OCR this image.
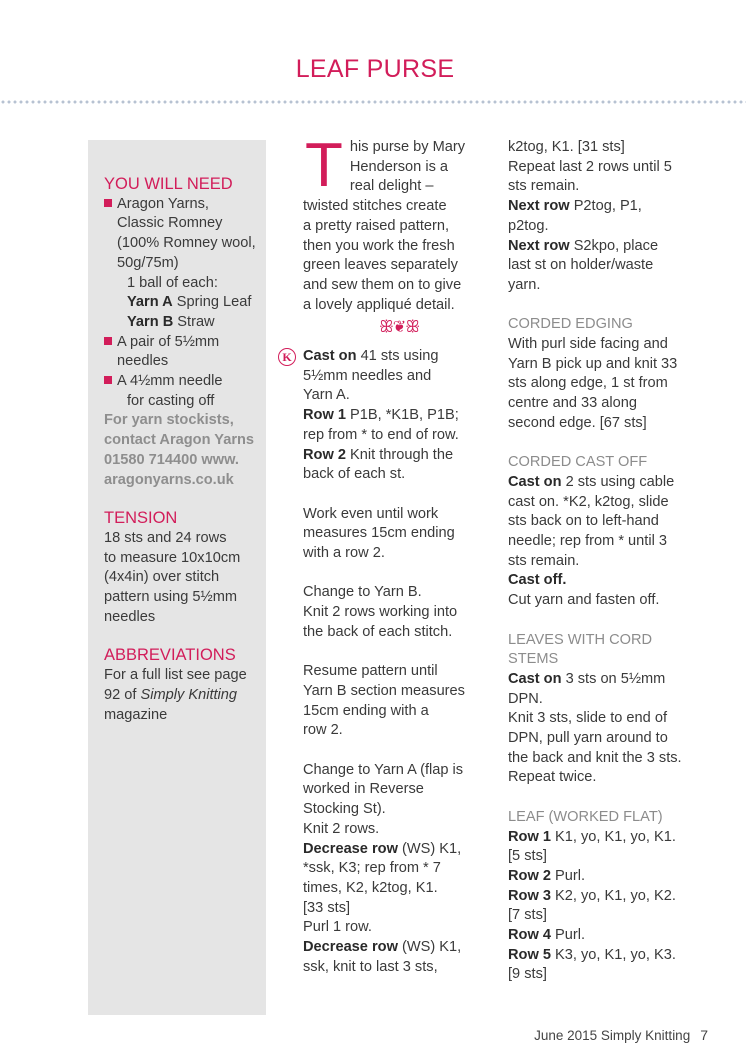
LEAF PURSE

YOU WILL NEED

Aragon Yarns,

Classic Romney

(100% Romney wool,

50g/75m)

1 ball of each:

Yarn A Spring Leaf

Yarn B Straw

A pair of 5½mm

needles

A 4½mm needle

for casting off

For yarn stockists,

contact Aragon Yarns

01580 714400 www.

aragonyarns.co.uk

TENSION

18 sts and 24 rows

to measure 10x10cm

(4x4in) over stitch

pattern using 5½mm

needles

ABBREVIATIONS

For a full list see page

92 of Simply Knitting

magazine

T his purse by Mary

Henderson is a

real delight –

twisted stitches create

a pretty raised pattern,

then you work the fresh

green leaves separately

and sew them on to give

a lovely appliqué detail.

ꕥ❦ꕥ
K Cast on 41 sts using

5½mm needles and

Yarn A.

Row 1 P1B, *K1B, P1B;

rep from * to end of row.

Row 2 Knit through the

back of each st.

Work even until work

measures 15cm ending

with a row 2.

Change to Yarn B.

Knit 2 rows working into

the back of each stitch.

Resume pattern until

Yarn B section measures

15cm ending with a

row 2.

Change to Yarn A (flap is

worked in Reverse

Stocking St).

Knit 2 rows.

Decrease row (WS) K1,

*ssk, K3; rep from * 7

times, K2, k2tog, K1.

[33 sts]

Purl 1 row.

Decrease row (WS) K1,

ssk, knit to last 3 sts,

k2tog, K1. [31 sts]

Repeat last 2 rows until 5

sts remain.

Next row P2tog, P1,

p2tog.

Next row S2kpo, place

last st on holder/waste

yarn.

CORDED EDGING

With purl side facing and

Yarn B pick up and knit 33

sts along edge, 1 st from

centre and 33 along

second edge. [67 sts]

CORDED CAST OFF

Cast on 2 sts using cable

cast on. *K2, k2tog, slide

sts back on to left-hand

needle; rep from * until 3

sts remain.

Cast off.

Cut yarn and fasten off.

LEAVES WITH CORD

STEMS

Cast on 3 sts on 5½mm

DPN.

Knit 3 sts, slide to end of

DPN, pull yarn around to

the back and knit the 3 sts.

Repeat twice.

LEAF (WORKED FLAT)

Row 1 K1, yo, K1, yo, K1.

[5 sts]

Row 2 Purl.

Row 3 K2, yo, K1, yo, K2.

[7 sts]

Row 4 Purl.

Row 5 K3, yo, K1, yo, K3.

[9 sts]

June 2015 Simply Knitting 7
